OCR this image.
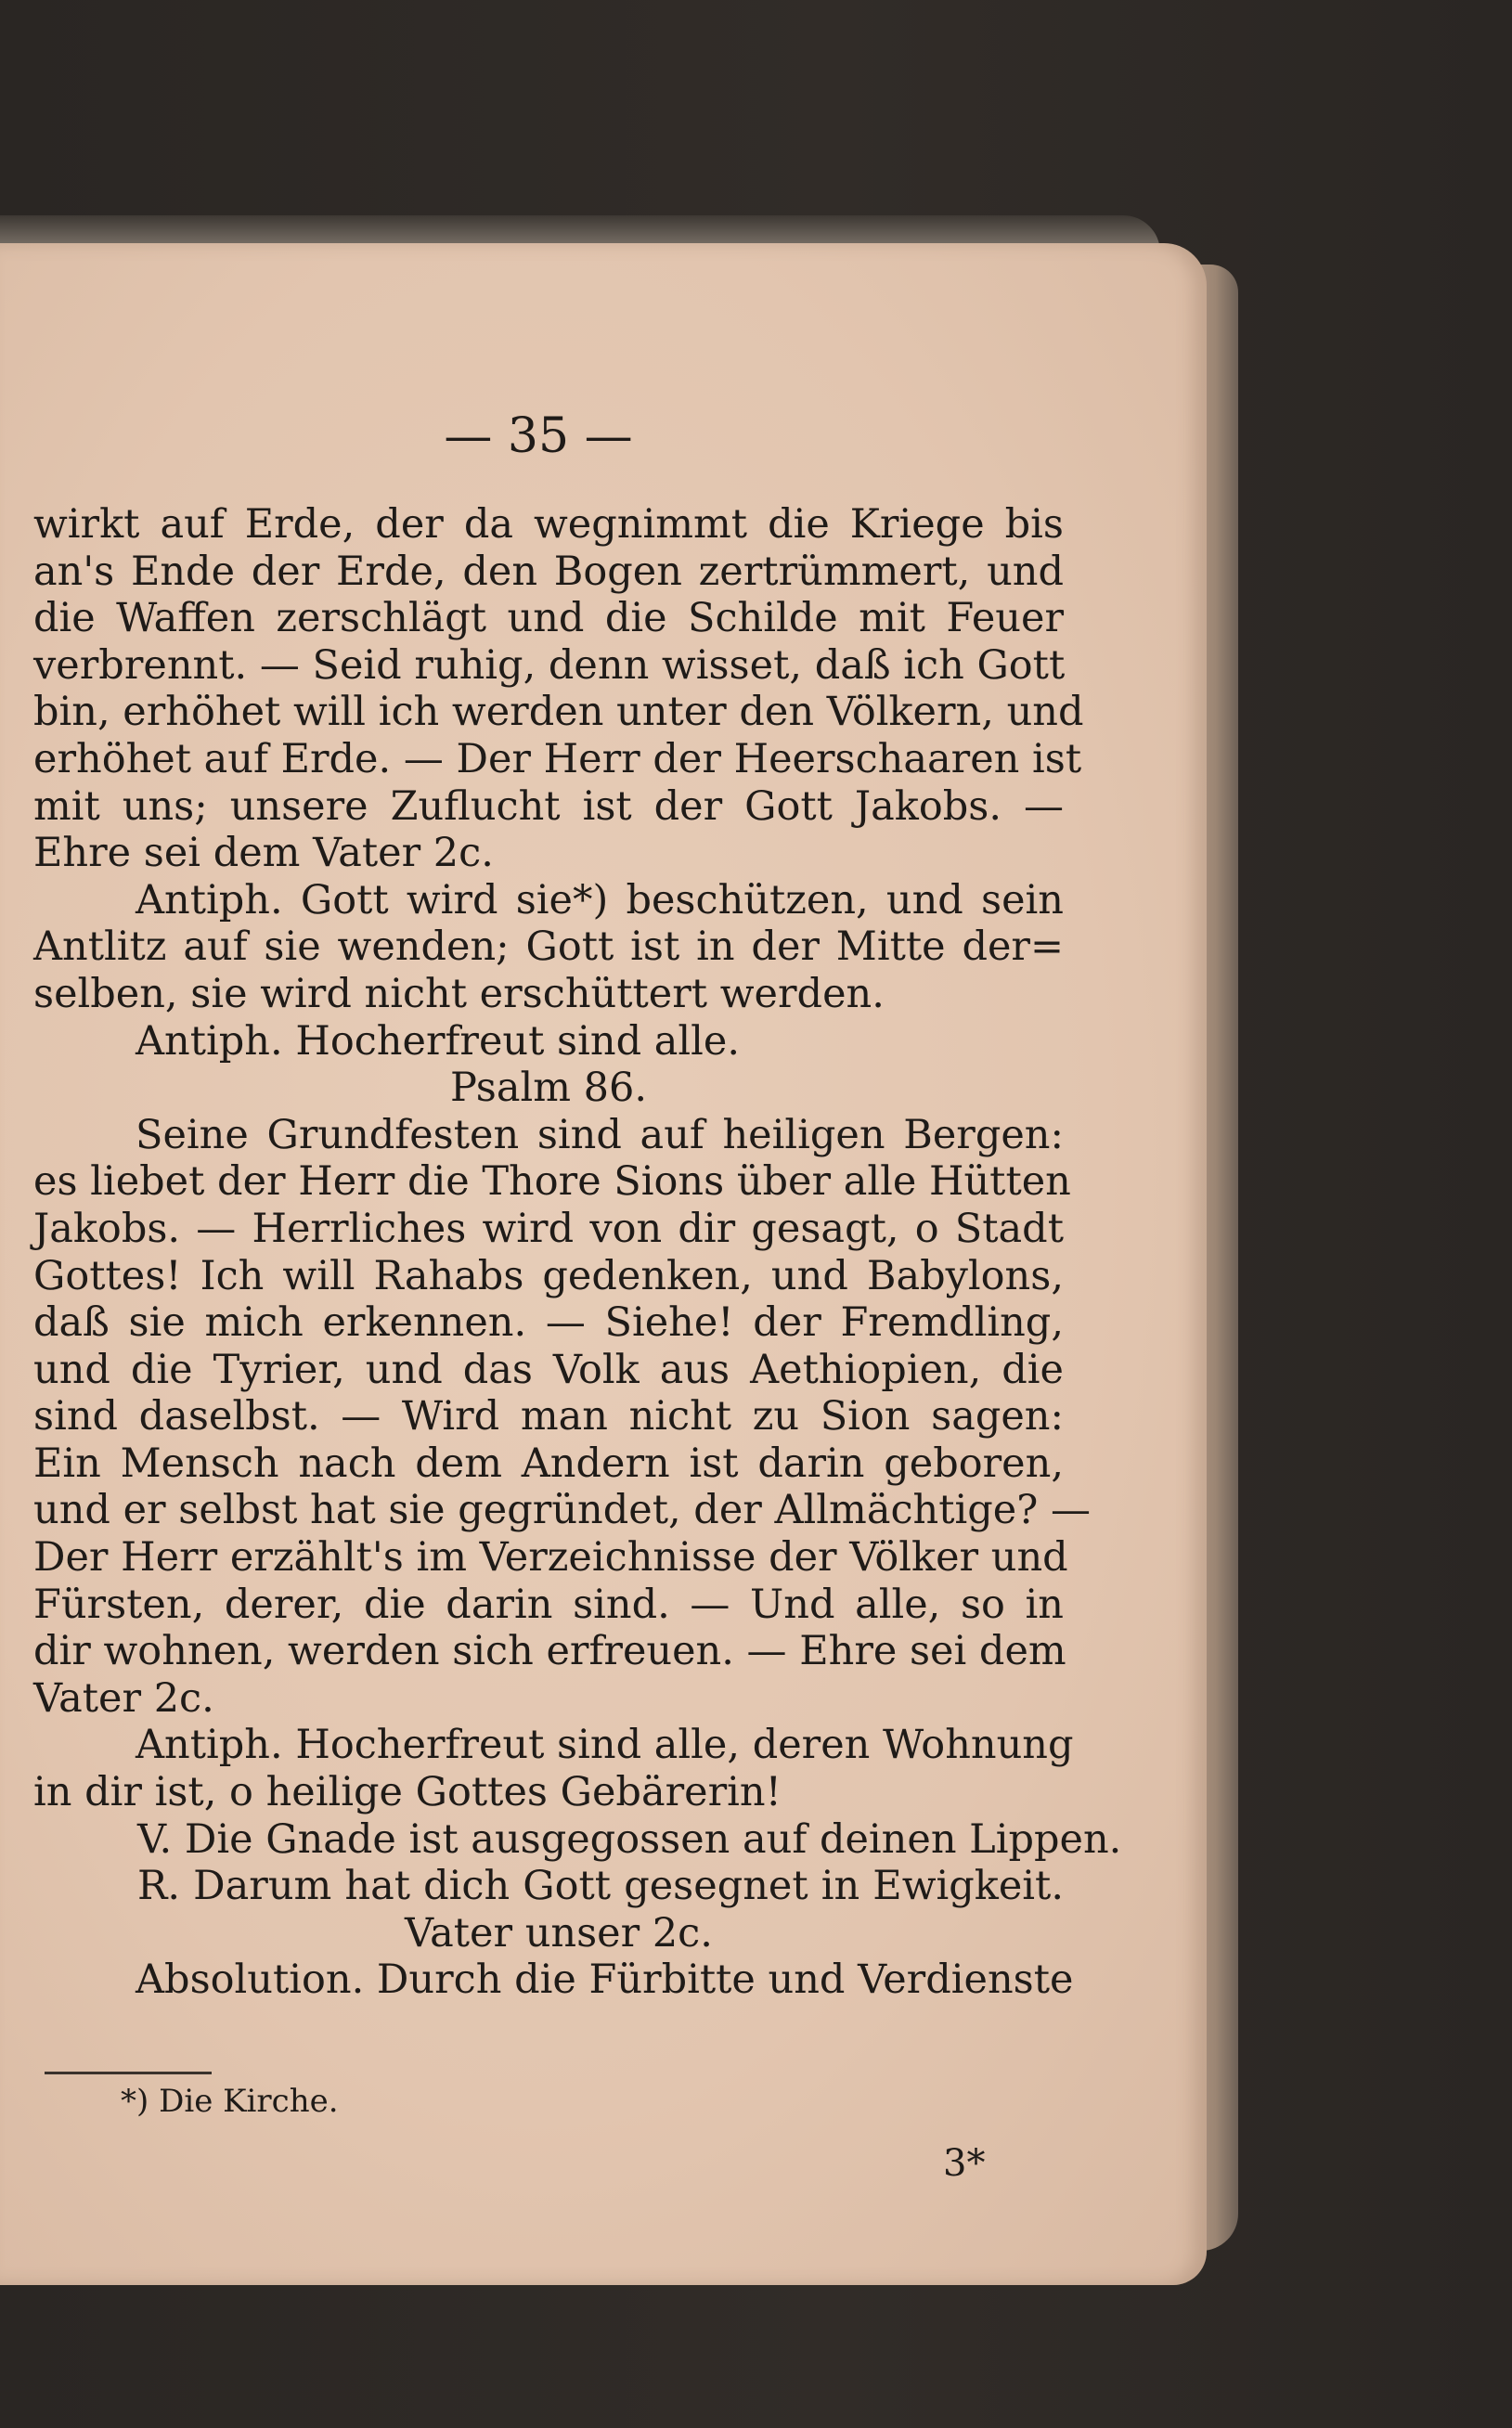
— 35 —
wirkt auf Erde, der da wegnimmt die Kriege bis
an's Ende der Erde, den Bogen zertrümmert, und
die Waffen zerschlägt und die Schilde mit Feuer
verbrennt. — Seid ruhig, denn wisset, daß ich Gott
bin, erhöhet will ich werden unter den Völkern, und
erhöhet auf Erde. — Der Herr der Heerschaaren ist
mit uns; unsere Zuflucht ist der Gott Jakobs. —
Ehre sei dem Vater 2c.
Antiph. Gott wird sie*) beschützen, und sein
Antlitz auf sie wenden; Gott ist in der Mitte der=
selben, sie wird nicht erschüttert werden.
Antiph. Hocherfreut sind alle.
Psalm 86.
Seine Grundfesten sind auf heiligen Bergen:
es liebet der Herr die Thore Sions über alle Hütten
Jakobs. — Herrliches wird von dir gesagt, o Stadt
Gottes! Ich will Rahabs gedenken, und Babylons,
daß sie mich erkennen. — Siehe! der Fremdling,
und die Tyrier, und das Volk aus Aethiopien, die
sind daselbst. — Wird man nicht zu Sion sagen:
Ein Mensch nach dem Andern ist darin geboren,
und er selbst hat sie gegründet, der Allmächtige? —
Der Herr erzählt's im Verzeichnisse der Völker und
Fürsten, derer, die darin sind. — Und alle, so in
dir wohnen, werden sich erfreuen. — Ehre sei dem
Vater 2c.
Antiph. Hocherfreut sind alle, deren Wohnung
in dir ist, o heilige Gottes Gebärerin!
V. Die Gnade ist ausgegossen auf deinen Lippen.
R. Darum hat dich Gott gesegnet in Ewigkeit.
Vater unser 2c.
Absolution. Durch die Fürbitte und Verdienste
*) Die Kirche.
3*
